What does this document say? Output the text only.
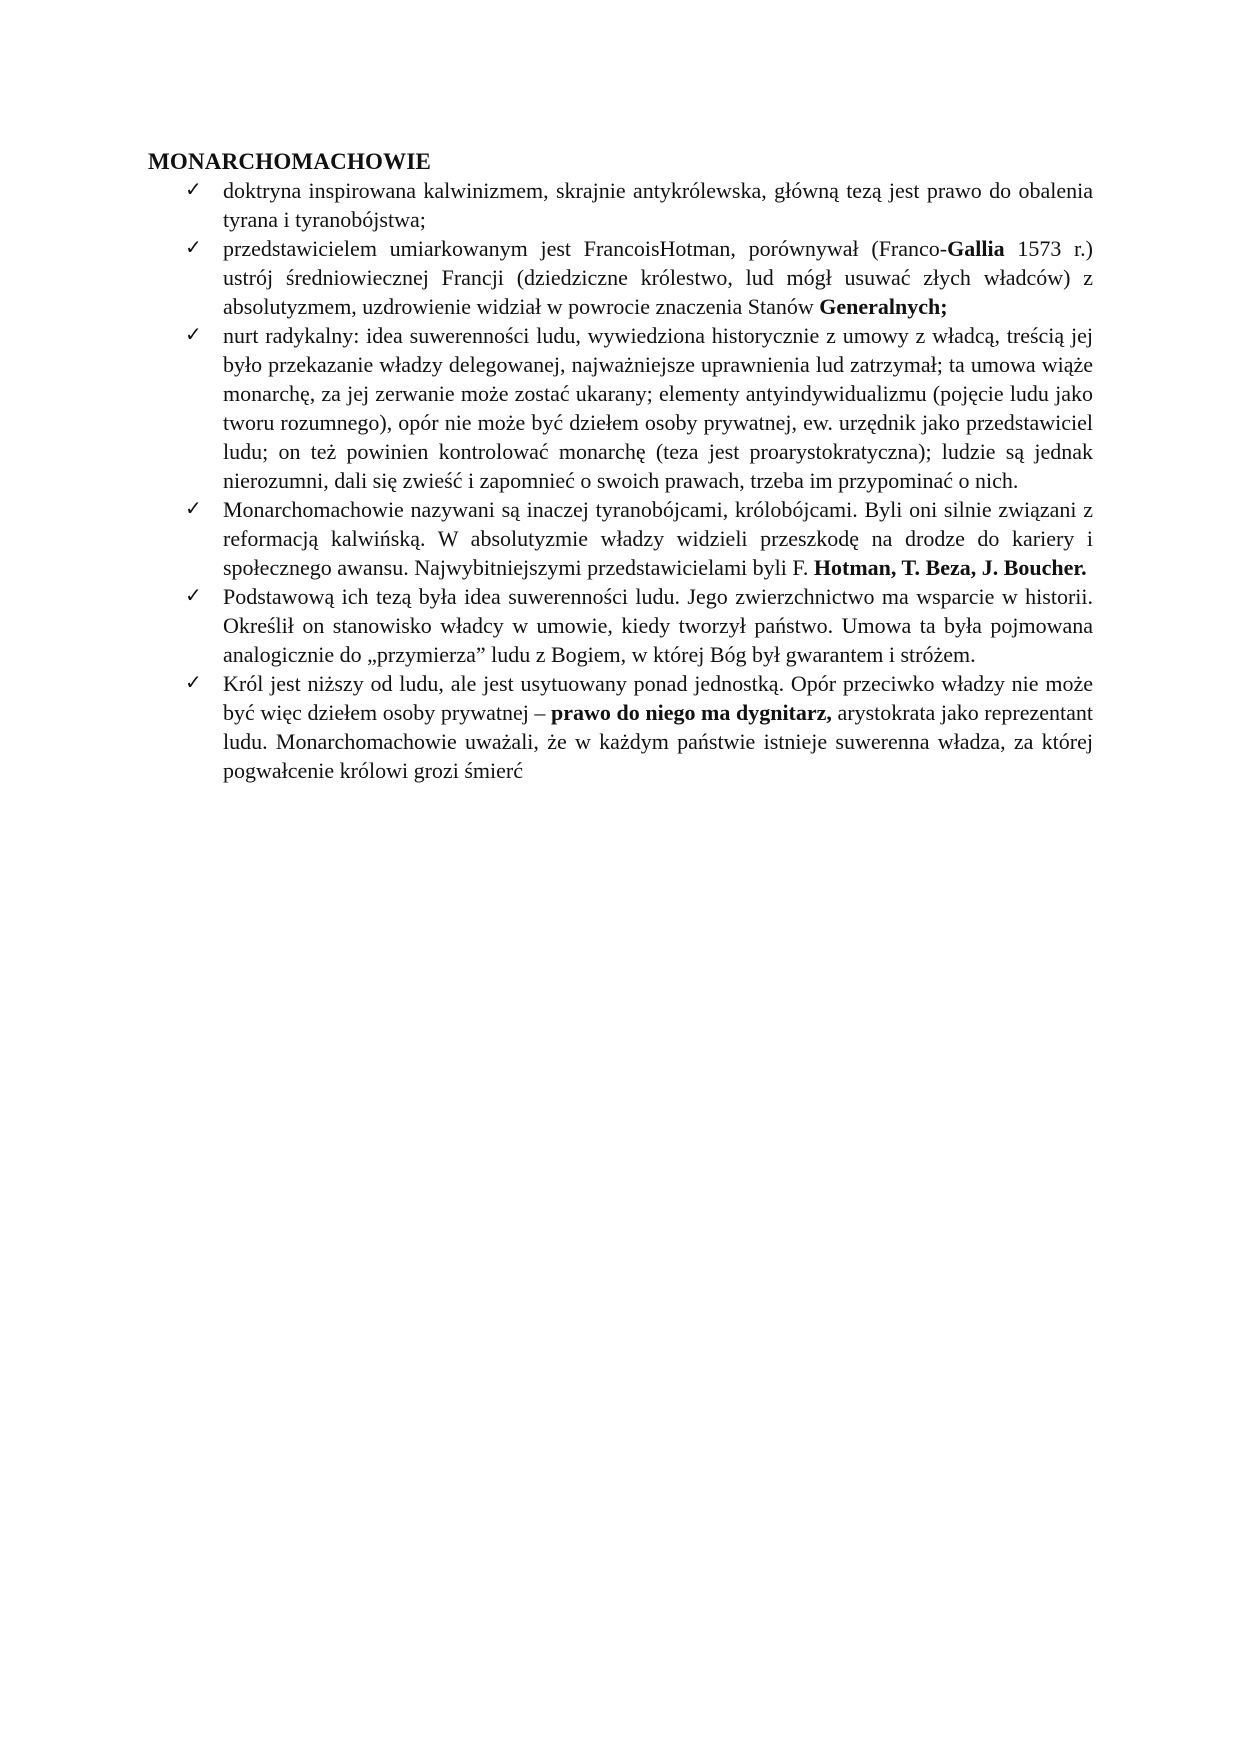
MONARCHOMACHOWIE
✓ doktryna inspirowana kalwinizmem, skrajnie antykrólewska, główną tezą jest prawo do obalenia tyrana i tyranobójstwa;
✓ przedstawicielem umiarkowanym jest FrancoisHotman, porównywał (Franco-Gallia 1573 r.) ustrój średniowiecznej Francji (dziedziczne królestwo, lud mógł usuwać złych władców) z absolutyzmem, uzdrowienie widział w powrocie znaczenia Stanów Generalnych;
✓ nurt radykalny: idea suwerenności ludu, wywiedziona historycznie z umowy z władcą, treścią jej było przekazanie władzy delegowanej, najważniejsze uprawnienia lud zatrzymał; ta umowa wiąże monarchę, za jej zerwanie może zostać ukarany; elementy antyindywidualizmu (pojęcie ludu jako tworu rozumnego), opór nie może być dziełem osoby prywatnej, ew. urzędnik jako przedstawiciel ludu; on też powinien kontrolować monarchę (teza jest proarystokratyczna); ludzie są jednak nierozumni, dali się zwieść i zapomnieć o swoich prawach, trzeba im przypominać o nich.
✓ Monarchomachowie nazywani są inaczej tyranobójcami, królobójcami. Byli oni silnie związani z reformacją kalwińską. W absolutyzmie władzy widzieli przeszkodę na drodze do kariery i społecznego awansu. Najwybitniejszymi przedstawicielami byli F. Hotman, T. Beza, J. Boucher.
✓ Podstawową ich tezą była idea suwerenności ludu. Jego zwierzchnictwo ma wsparcie w historii. Określił on stanowisko władcy w umowie, kiedy tworzył państwo. Umowa ta była pojmowana analogicznie do „przymierza” ludu z Bogiem, w której Bóg był gwarantem i stróżem.
✓ Król jest niższy od ludu, ale jest usytuowany ponad jednostką. Opór przeciwko władzy nie może być więc dziełem osoby prywatnej – prawo do niego ma dygnitarz, arystokrata jako reprezentant ludu. Monarchomachowie uważali, że w każdym państwie istnieje suwerenna władza, za której pogwałcenie królowi grozi śmierć
